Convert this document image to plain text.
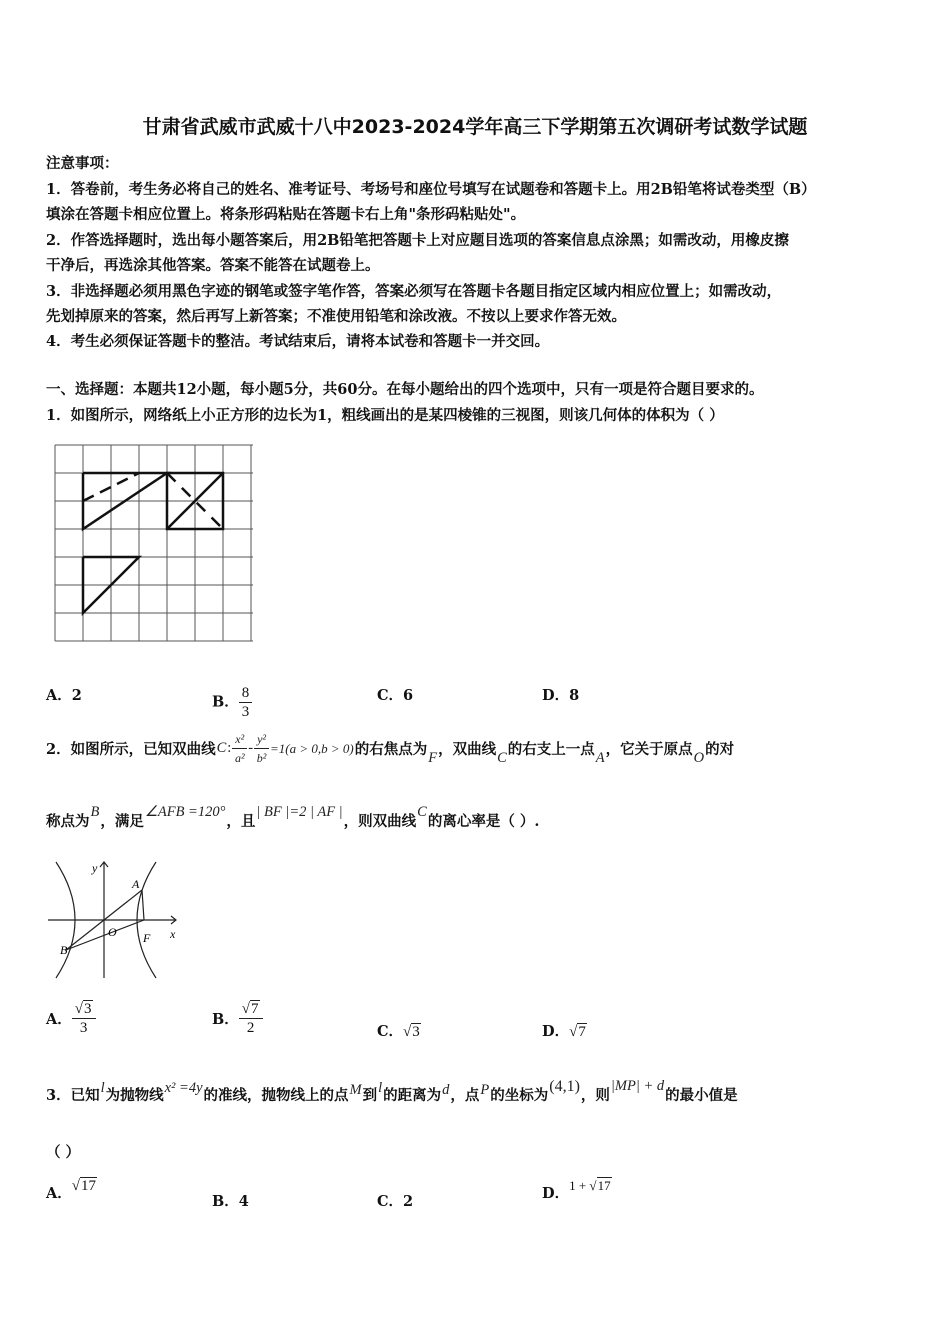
甘肃省武威市武威十八中2023-2024学年高三下学期第五次调研考试数学试题
注意事项：
1．答卷前，考生务必将自己的姓名、准考证号、考场号和座位号填写在试题卷和答题卡上。用2B铅笔将试卷类型（B）
填涂在答题卡相应位置上。将条形码粘贴在答题卡右上角"条形码粘贴处"。
2．作答选择题时，选出每小题答案后，用2B铅笔把答题卡上对应题目选项的答案信息点涂黑；如需改动，用橡皮擦
干净后，再选涂其他答案。答案不能答在试题卷上。
3．非选择题必须用黑色字迹的钢笔或签字笔作答，答案必须写在答题卡各题目指定区域内相应位置上；如需改动，
先划掉原来的答案，然后再写上新答案；不准使用铅笔和涂改液。不按以上要求作答无效。
4．考生必须保证答题卡的整洁。考试结束后，请将本试卷和答题卡一并交回。
一、选择题：本题共12小题，每小题5分，共60分。在每小题给出的四个选项中，只有一项是符合题目要求的。
1．如图所示，网络纸上小正方形的边长为1，粗线画出的是某四棱锥的三视图，则该几何体的体积为（ ）
A．2	B． $\frac{8}{3}$	C．6	D．8
2．如图所示，已知双曲线 C : $\frac{\text{x²}}{\text{a²}} - \frac{\text{y²}}{\text{b²}} =1(a > 0,b > 0)$ 的右焦点为 F ，双曲线 C 的右支上一点 A ，它关于原点 O 的对
称点为
B
，满足
∠AFB =120°
，且
| BF |=2 | AF |
，则双曲线
C
的离心率是（ ）.
y
x
A
O F
B
A． $\frac{√3}{3}$	B． $\frac{√7}{2}$	C．√3	D．√7
3．已知 l 为抛物线 x² =4y 的准线，抛物线上的点 M 到 l 的距离为 d ，点 P 的坐标为
(4,1)
，则
|MP| + d
的最小值是
（ ）
A．√17
B．4	C．2	D．1 + √17
